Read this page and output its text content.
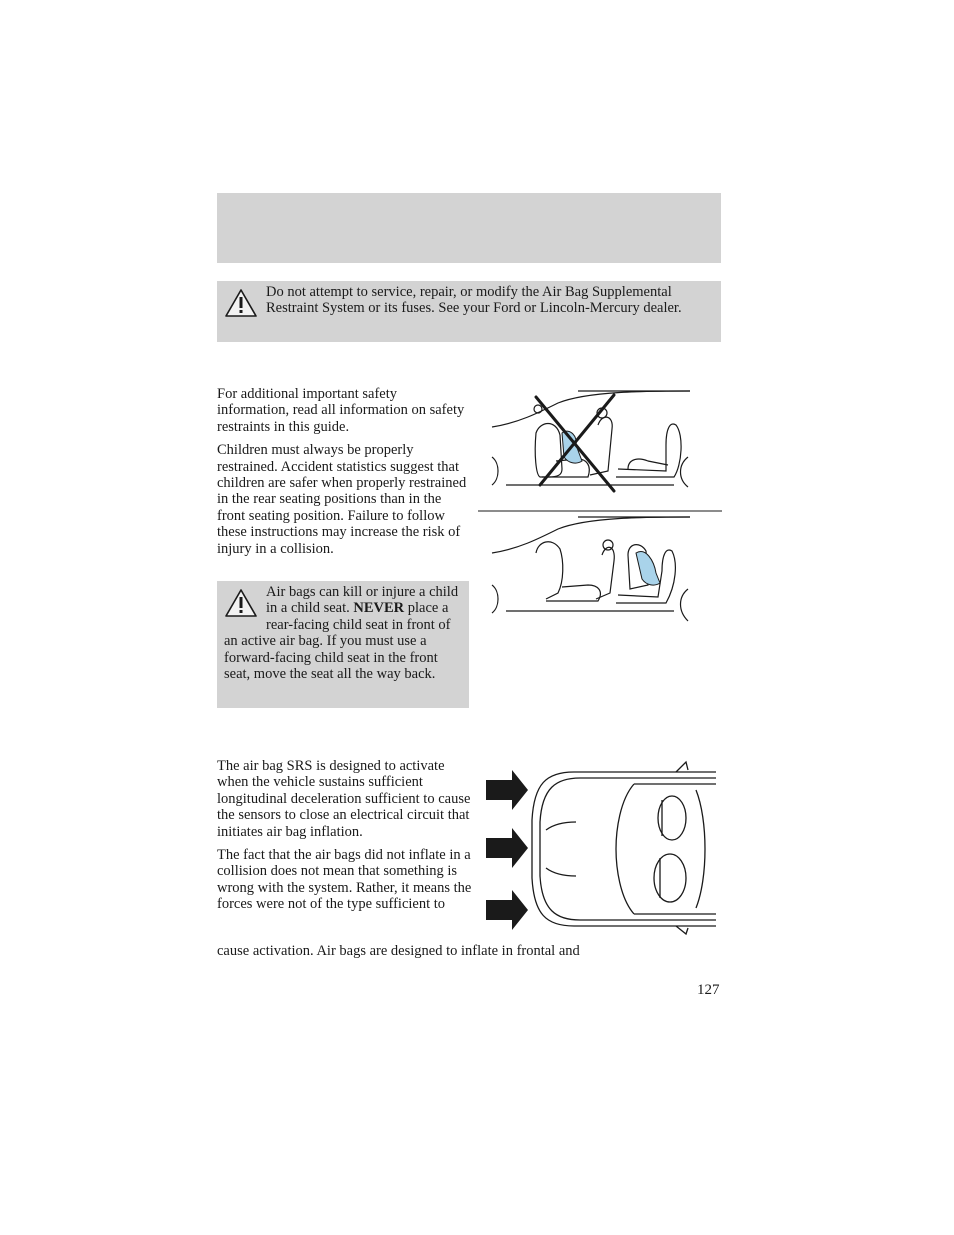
Do not attempt to service, repair, or modify the Air Bag Supplemental Restraint System or its fuses. See your Ford or Lincoln-Mercury dealer.

For additional important safety information, read all information on safety restraints in this guide.

Children must always be properly restrained. Accident statistics suggest that children are safer when properly restrained in the rear seating positions than in the front seating position. Failure to follow these instructions may increase the risk of injury in a collision.

Air bags can kill or injure a child in a child seat. NEVER place a rear-facing child seat in front of an active air bag. If you must use a forward-facing child seat in the front seat, move the seat all the way back.

The air bag SRS is designed to activate when the vehicle sustains sufficient longitudinal deceleration sufficient to cause the sensors to close an electrical circuit that initiates air bag inflation.

The fact that the air bags did not inflate in a collision does not mean that something is wrong with the system. Rather, it means the forces were not of the type sufficient to

cause activation. Air bags are designed to inflate in frontal and
127
